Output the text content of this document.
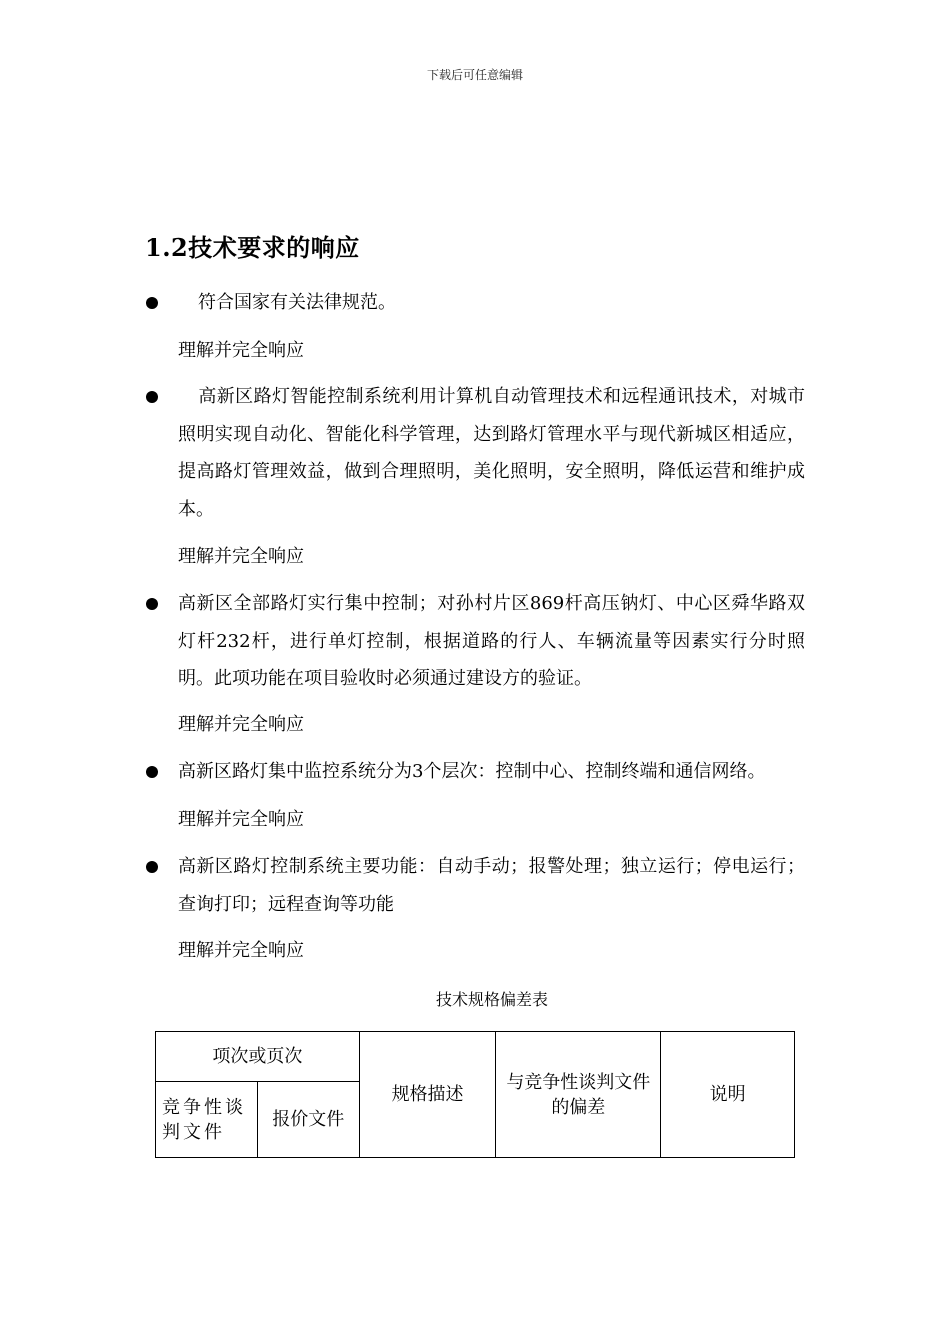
下载后可任意编辑
1.2技术要求的响应
符合国家有关法律规范。
理解并完全响应
高新区路灯智能控制系统利用计算机自动管理技术和远程通讯技术，对城市照明实现自动化、智能化科学管理，达到路灯管理水平与现代新城区相适应，提高路灯管理效益，做到合理照明，美化照明，安全照明，降低运营和维护成本。
理解并完全响应
高新区全部路灯实行集中控制；对孙村片区869杆高压钠灯、中心区舜华路双灯杆232杆，进行单灯控制，根据道路的行人、车辆流量等因素实行分时照明。此项功能在项目验收时必须通过建设方的验证。
理解并完全响应
高新区路灯集中监控系统分为3个层次：控制中心、控制终端和通信网络。
理解并完全响应
高新区路灯控制系统主要功能：自动手动；报警处理；独立运行；停电运行；查询打印；远程查询等功能
理解并完全响应
技术规格偏差表
项次或页次		规格描述	与竞争性谈判文件的偏差	说明
竞争性谈判文件	报价文件			
